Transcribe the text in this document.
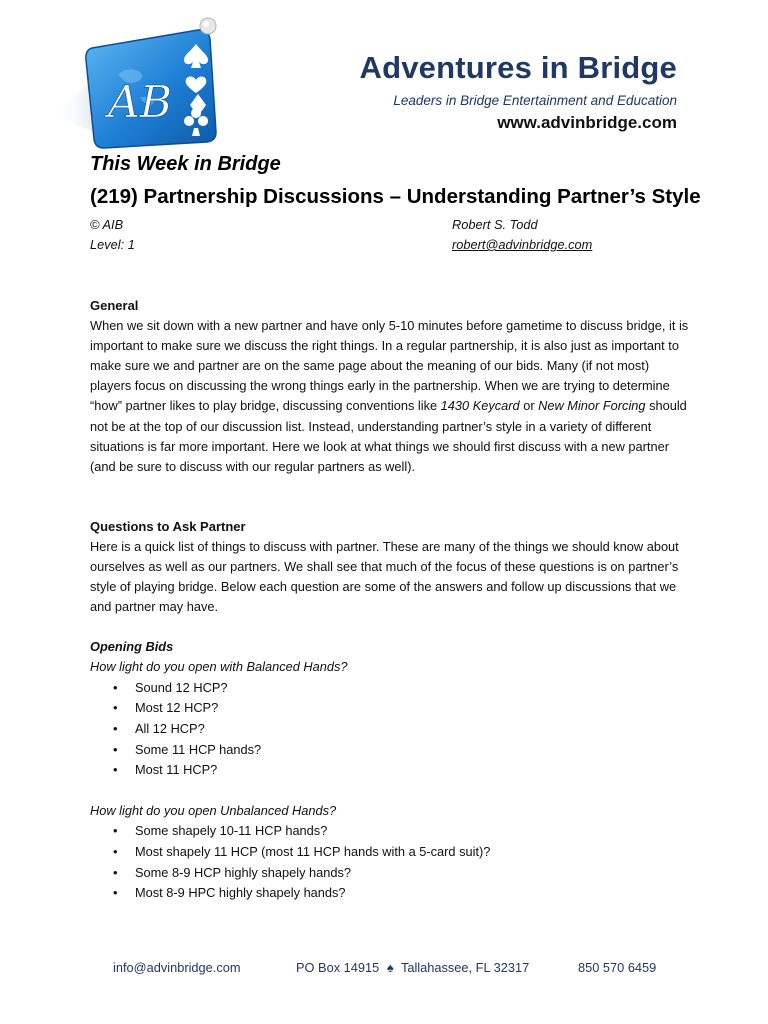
AB
Adventures in Bridge
Leaders in Bridge Entertainment and Education
www.advinbridge.com
This Week in Bridge
(219) Partnership Discussions – Understanding Partner’s Style
© AIB
Level: 1
Robert S. Todd
robert@advinbridge.com

General

When we sit down with a new partner and have only 5-10 minutes before gametime to discuss bridge, it is important to make sure we discuss the right things. In a regular partnership, it is also just as important to make sure we and partner are on the same page about the meaning of our bids. Many (if not most) players focus on discussing the wrong things early in the partnership. When we are trying to determine “how” partner likes to play bridge, discussing conventions like 1430 Keycard or New Minor Forcing should not be at the top of our discussion list. Instead, understanding partner’s style in a variety of different situations is far more important. Here we look at what things we should first discuss with a new partner (and be sure to discuss with our regular partners as well).

Questions to Ask Partner

Here is a quick list of things to discuss with partner. These are many of the things we should know about ourselves as well as our partners. We shall see that much of the focus of these questions is on partner’s style of playing bridge. Below each question are some of the answers and follow up discussions that we and partner may have.

Opening Bids

How light do you open with Balanced Hands?

• Sound 12 HCP?
• Most 12 HCP?
• All 12 HCP?
• Some 11 HCP hands?
• Most 11 HCP?

How light do you open Unbalanced Hands?

• Some shapely 10-11 HCP hands?
• Most shapely 11 HCP (most 11 HCP hands with a 5-card suit)?
• Some 8-9 HCP highly shapely hands?
• Most 8-9 HPC highly shapely hands?
info@advinbridge.com	PO Box 14915 ♠ Tallahassee, FL 32317	850 570 6459
